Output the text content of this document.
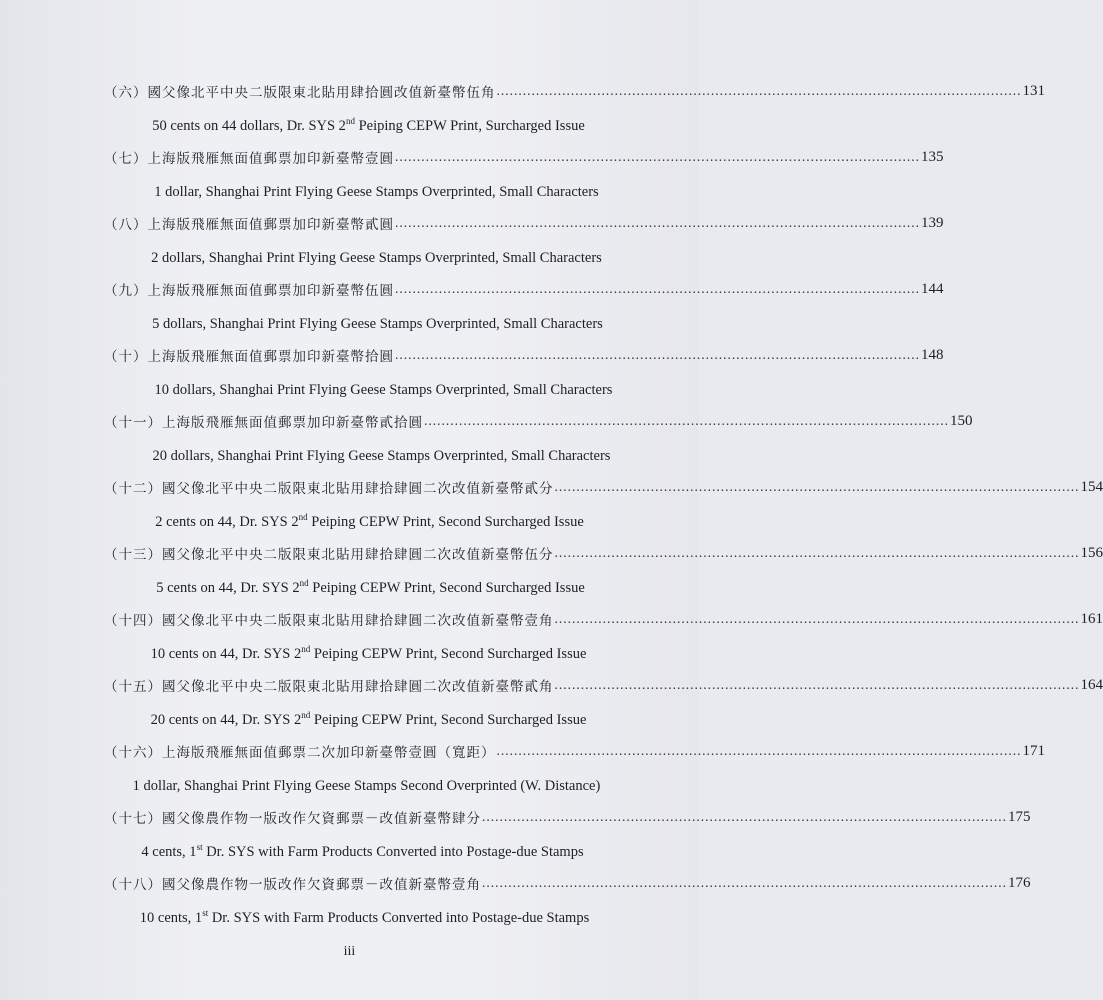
（六） 國父像北平中央二版限東北貼用肆拾圓改值新臺幣伍角 ........................................................................................................................ 131
50 cents on 44 dollars, Dr. SYS 2nd Peiping CEPW Print, Surcharged Issue
（七） 上海版飛雁無面值郵票加印新臺幣壹圓 ........................................................................................................................ 135
1 dollar, Shanghai Print Flying Geese Stamps Overprinted, Small Characters
（八） 上海版飛雁無面值郵票加印新臺幣貳圓 ........................................................................................................................ 139
2 dollars, Shanghai Print Flying Geese Stamps Overprinted, Small Characters
（九） 上海版飛雁無面值郵票加印新臺幣伍圓 ........................................................................................................................ 144
5 dollars, Shanghai Print Flying Geese Stamps Overprinted, Small Characters
（十） 上海版飛雁無面值郵票加印新臺幣拾圓 ........................................................................................................................ 148
10 dollars, Shanghai Print Flying Geese Stamps Overprinted, Small Characters
（十一） 上海版飛雁無面值郵票加印新臺幣貳拾圓 ........................................................................................................................ 150
20 dollars, Shanghai Print Flying Geese Stamps Overprinted, Small Characters
（十二） 國父像北平中央二版限東北貼用肆拾肆圓二次改值新臺幣貳分 ........................................................................................................................ 154
2 cents on 44, Dr. SYS 2nd Peiping CEPW Print, Second Surcharged Issue
（十三） 國父像北平中央二版限東北貼用肆拾肆圓二次改值新臺幣伍分 ........................................................................................................................ 156
5 cents on 44, Dr. SYS 2nd Peiping CEPW Print, Second Surcharged Issue
（十四） 國父像北平中央二版限東北貼用肆拾肆圓二次改值新臺幣壹角 ........................................................................................................................ 161
10 cents on 44, Dr. SYS 2nd Peiping CEPW Print, Second Surcharged Issue
（十五） 國父像北平中央二版限東北貼用肆拾肆圓二次改值新臺幣貳角 ........................................................................................................................ 164
20 cents on 44, Dr. SYS 2nd Peiping CEPW Print, Second Surcharged Issue
（十六） 上海版飛雁無面值郵票二次加印新臺幣壹圓（寬距） ........................................................................................................................ 171
1 dollar, Shanghai Print Flying Geese Stamps Second Overprinted (W. Distance)
（十七） 國父像農作物一版改作欠資郵票－改值新臺幣肆分 ........................................................................................................................ 175
4 cents, 1st Dr. SYS with Farm Products Converted into Postage-due Stamps
（十八） 國父像農作物一版改作欠資郵票－改值新臺幣壹角 ........................................................................................................................ 176
10 cents, 1st Dr. SYS with Farm Products Converted into Postage-due Stamps
iii
